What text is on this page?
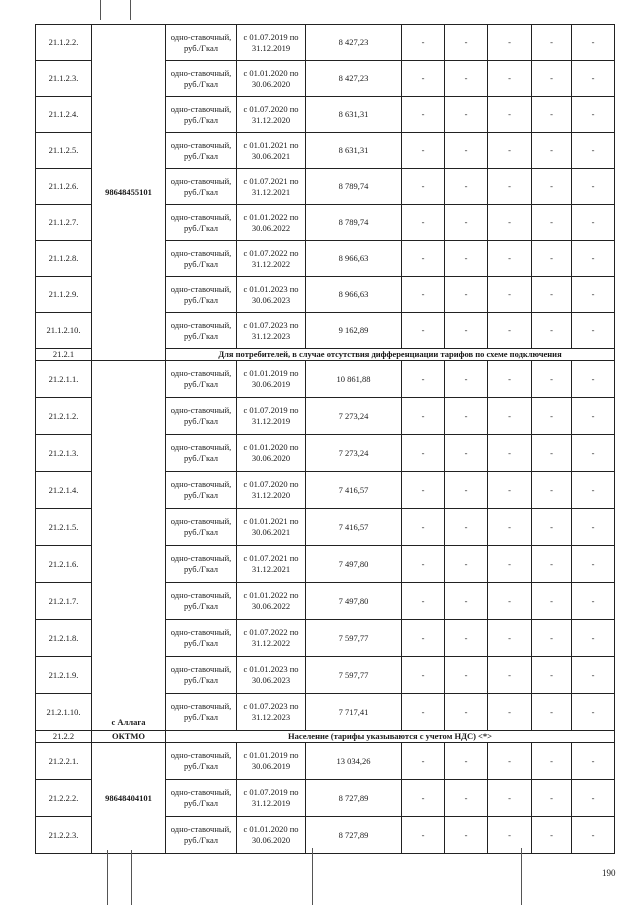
21.1.2.2.	98648455101	одно-ставочный, руб./Гкал	с 01.07.2019 по 31.12.2019	8 427,23	-	-	-	-	-
21.1.2.3.		одно-ставочный, руб./Гкал	с 01.01.2020 по 30.06.2020	8 427,23	-	-	-	-	-
21.1.2.4.		одно-ставочный, руб./Гкал	с 01.07.2020 по 31.12.2020	8 631,31	-	-	-	-	-
21.1.2.5.		одно-ставочный, руб./Гкал	с 01.01.2021 по 30.06.2021	8 631,31	-	-	-	-	-
21.1.2.6.		одно-ставочный, руб./Гкал	с 01.07.2021 по 31.12.2021	8 789,74	-	-	-	-	-
21.1.2.7.		одно-ставочный, руб./Гкал	с 01.01.2022 по 30.06.2022	8 789,74	-	-	-	-	-
21.1.2.8.		одно-ставочный, руб./Гкал	с 01.07.2022 по 31.12.2022	8 966,63	-	-	-	-	-
21.1.2.9.		одно-ставочный, руб./Гкал	с 01.01.2023 по 30.06.2023	8 966,63	-	-	-	-	-
21.1.2.10.		одно-ставочный, руб./Гкал	с 01.07.2023 по 31.12.2023	9 162,89	-	-	-	-	-
21.2.1		Для потребителей, в случае отсутствия дифференциации тарифов по схеме подключения							
21.2.1.1.	с Аллага	одно-ставочный, руб./Гкал	с 01.01.2019 по 30.06.2019	10 861,88	-	-	-	-	-
21.2.1.2.		одно-ставочный, руб./Гкал	с 01.07.2019 по 31.12.2019	7 273,24	-	-	-	-	-
21.2.1.3.		одно-ставочный, руб./Гкал	с 01.01.2020 по 30.06.2020	7 273,24	-	-	-	-	-
21.2.1.4.		одно-ставочный, руб./Гкал	с 01.07.2020 по 31.12.2020	7 416,57	-	-	-	-	-
21.2.1.5.		одно-ставочный, руб./Гкал	с 01.01.2021 по 30.06.2021	7 416,57	-	-	-	-	-
21.2.1.6.		одно-ставочный, руб./Гкал	с 01.07.2021 по 31.12.2021	7 497,80	-	-	-	-	-
21.2.1.7.		одно-ставочный, руб./Гкал	с 01.01.2022 по 30.06.2022	7 497,80	-	-	-	-	-
21.2.1.8.		одно-ставочный, руб./Гкал	с 01.07.2022 по 31.12.2022	7 597,77	-	-	-	-	-
21.2.1.9.		одно-ставочный, руб./Гкал	с 01.01.2023 по 30.06.2023	7 597,77	-	-	-	-	-
21.2.1.10.		одно-ставочный, руб./Гкал	с 01.07.2023 по 31.12.2023	7 717,41	-	-	-	-	-
21.2.2	ОКТМО	Население (тарифы указываются с учетом НДС) <*>							
21.2.2.1.	98648404101	одно-ставочный, руб./Гкал	с 01.01.2019 по 30.06.2019	13 034,26	-	-	-	-	-
21.2.2.2.		одно-ставочный, руб./Гкал	с 01.07.2019 по 31.12.2019	8 727,89	-	-	-	-	-
21.2.2.3.		одно-ставочный, руб./Гкал	с 01.01.2020 по 30.06.2020	8 727,89	-	-	-	-	-
190
